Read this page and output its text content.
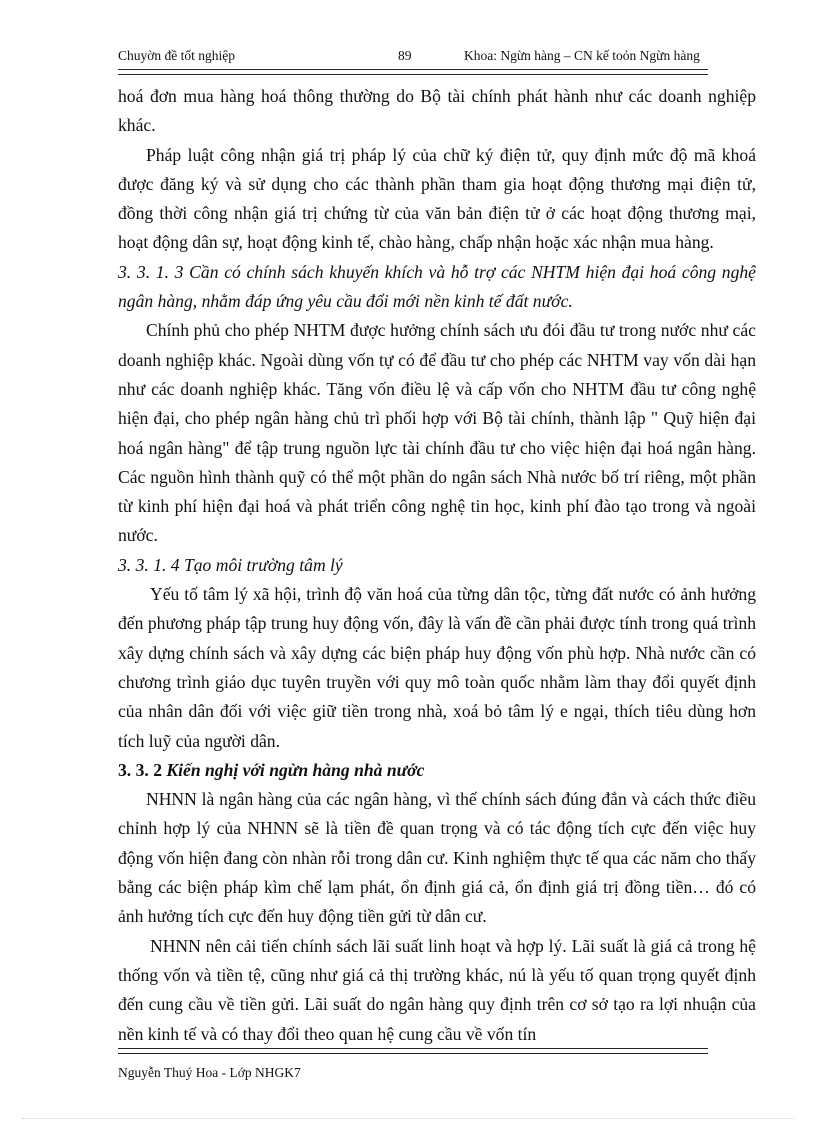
Chuyờn đề tốt nghiệp	89	Khoa: Ngừn hàng – CN kế toỏn Ngừn hàng

hoá đơn mua hàng hoá thông thường do Bộ tài chính phát hành như các doanh nghiệp khác.

Pháp luật công nhận giá trị pháp lý của chữ ký điện tử, quy định mức độ mã khoá được đăng ký và sử dụng cho các thành phần tham gia hoạt động thương mại điện tử, đồng thời công nhận giá trị chứng từ của văn bản điện tử ở các hoạt động thương mại, hoạt động dân sự, hoạt động kinh tế, chào hàng, chấp nhận hoặc xác nhận mua hàng.

3. 3. 1. 3 Cần có chính sách khuyến khích và hỗ trợ các NHTM hiện đại hoá công nghệ ngân hàng, nhằm đáp ứng yêu cầu đổi mới nền kinh tế đất nước.

Chính phủ cho phép NHTM được hưởng chính sách ưu đói đầu tư trong nước như các doanh nghiệp khác. Ngoài dùng vốn tự có để đầu tư cho phép các NHTM vay vốn dài hạn như các doanh nghiệp khác. Tăng vốn điều lệ và cấp vốn cho NHTM đầu tư công nghệ hiện đại, cho phép ngân hàng chủ trì phối hợp với Bộ tài chính, thành lập " Quỹ hiện đại hoá ngân hàng" để tập trung nguồn lực tài chính đầu tư cho việc hiện đại hoá ngân hàng. Các nguồn hình thành quỹ có thể một phần do ngân sách Nhà nước bố trí riêng, một phần từ kinh phí hiện đại hoá và phát triển công nghệ tin học, kinh phí đào tạo trong và ngoài nước.

3. 3. 1. 4 Tạo môi trường tâm lý

Yếu tố tâm lý xã hội, trình độ văn hoá của từng dân tộc, từng đất nước có ảnh hưởng đến phương pháp tập trung huy động vốn, đây là vấn đề cần phải được tính trong quá trình xây dựng chính sách và xây dựng các biện pháp huy động vốn phù hợp. Nhà nước cần có chương trình giáo dục tuyên truyền với quy mô toàn quốc nhằm làm thay đổi quyết định của nhân dân đối với việc giữ tiền trong nhà, xoá bỏ tâm lý e ngại, thích tiêu dùng hơn tích luỹ của người dân.

3. 3. 2 Kiến nghị với ngừn hàng nhà nước

NHNN là ngân hàng của các ngân hàng, vì thế chính sách đúng đắn và cách thức điều chỉnh hợp lý của NHNN sẽ là tiền đề quan trọng và có tác động tích cực đến việc huy động vốn hiện đang còn nhàn rỗi trong dân cư. Kinh nghiệm thực tế qua các năm cho thấy bằng các biện pháp kìm chế lạm phát, ổn định giá cả, ổn định giá trị đồng tiền… đó có ảnh hưởng tích cực đến huy động tiền gửi từ dân cư.

NHNN nên cải tiến chính sách lãi suất linh hoạt và hợp lý. Lãi suất là giá cả trong hệ thống vốn và tiền tệ, cũng như giá cả thị trường khác, nú là yếu tố quan trọng quyết định đến cung cầu về tiền gửi. Lãi suất do ngân hàng quy định trên cơ sở tạo ra lợi nhuận của nền kinh tế và có thay đổi theo quan hệ cung cầu về vốn tín

Nguyễn Thuý Hoa - Lớp NHGK7
